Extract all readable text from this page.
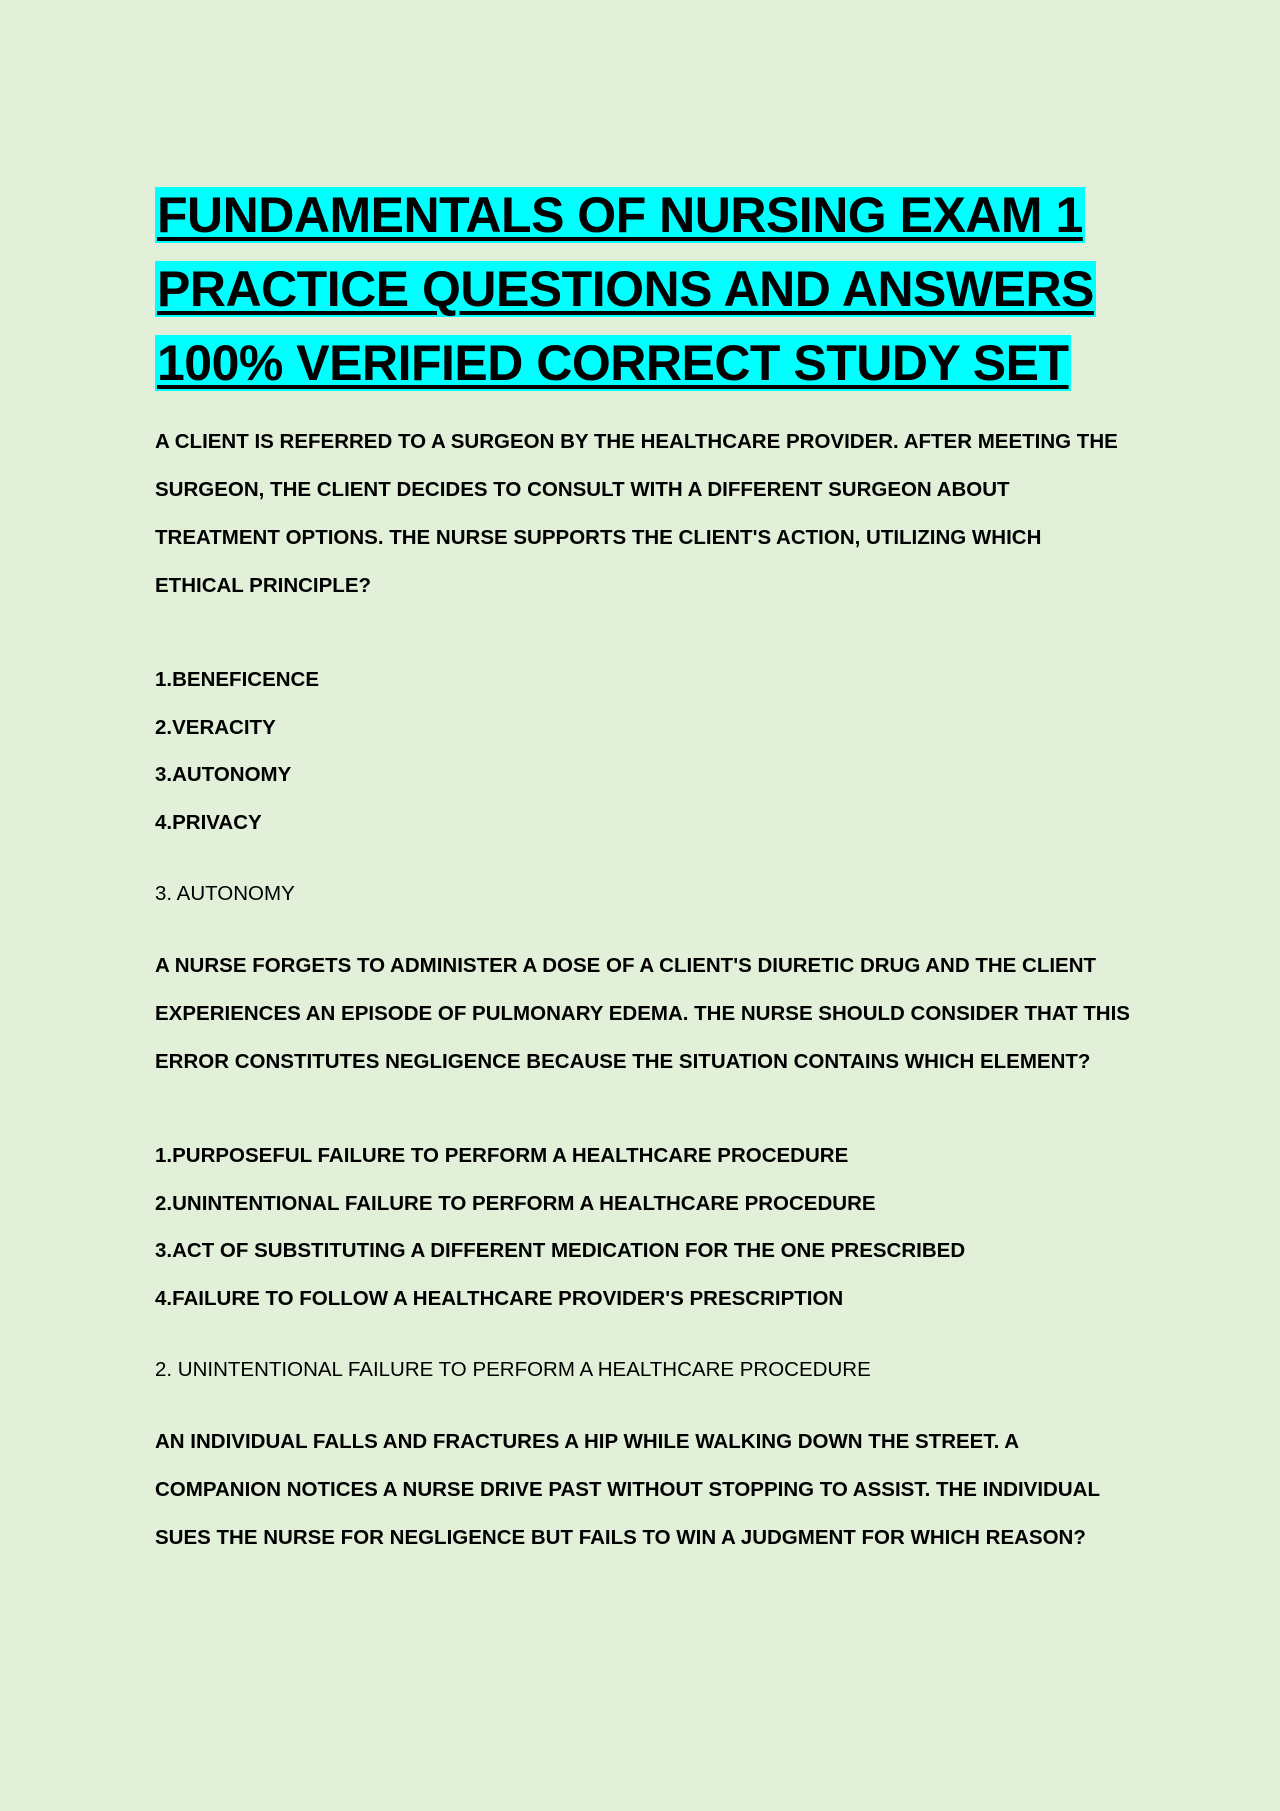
FUNDAMENTALS OF NURSING EXAM 1
PRACTICE QUESTIONS AND ANSWERS
100% VERIFIED CORRECT STUDY SET

A CLIENT IS REFERRED TO A SURGEON BY THE HEALTHCARE PROVIDER. AFTER MEETING THE SURGEON, THE CLIENT DECIDES TO CONSULT WITH A DIFFERENT SURGEON ABOUT TREATMENT OPTIONS. THE NURSE SUPPORTS THE CLIENT'S ACTION, UTILIZING WHICH ETHICAL PRINCIPLE?

1.BENEFICENCE
2.VERACITY
3.AUTONOMY
4.PRIVACY

3. AUTONOMY

A NURSE FORGETS TO ADMINISTER A DOSE OF A CLIENT'S DIURETIC DRUG AND THE CLIENT EXPERIENCES AN EPISODE OF PULMONARY EDEMA. THE NURSE SHOULD CONSIDER THAT THIS ERROR CONSTITUTES NEGLIGENCE BECAUSE THE SITUATION CONTAINS WHICH ELEMENT?

1.PURPOSEFUL FAILURE TO PERFORM A HEALTHCARE PROCEDURE
2.UNINTENTIONAL FAILURE TO PERFORM A HEALTHCARE PROCEDURE
3.ACT OF SUBSTITUTING A DIFFERENT MEDICATION FOR THE ONE PRESCRIBED
4.FAILURE TO FOLLOW A HEALTHCARE PROVIDER'S PRESCRIPTION

2. UNINTENTIONAL FAILURE TO PERFORM A HEALTHCARE PROCEDURE

AN INDIVIDUAL FALLS AND FRACTURES A HIP WHILE WALKING DOWN THE STREET. A COMPANION NOTICES A NURSE DRIVE PAST WITHOUT STOPPING TO ASSIST. THE INDIVIDUAL SUES THE NURSE FOR NEGLIGENCE BUT FAILS TO WIN A JUDGMENT FOR WHICH REASON?
